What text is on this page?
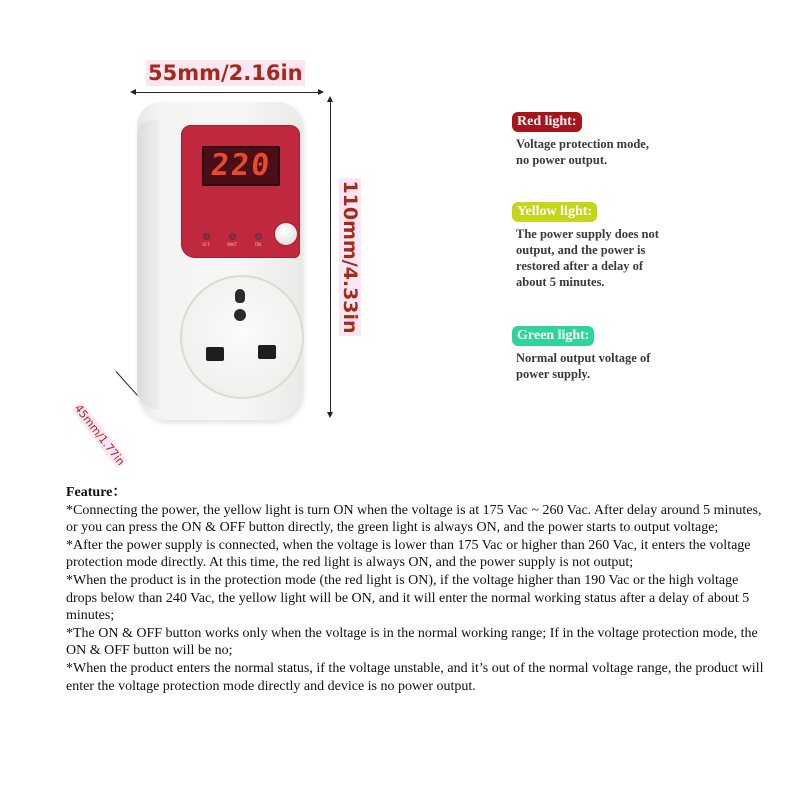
55mm/2.16in
110mm/4.33in
45mm/1.77in
220
OFF	WAIT	ON
Red light:
Voltage protection mode,
no power output.
Yellow light:
The power supply does not
output, and the power is
restored after a delay of
about 5 minutes.
Green light:
Normal output voltage of
power supply.

Feature：

*Connecting the power, the yellow light is turn ON when the voltage is at 175 Vac ~ 260 Vac. After delay around 5 minutes, or you can press the ON & OFF button directly, the green light is always ON, and the power starts to output voltage;

*After the power supply is connected, when the voltage is lower than 175 Vac or higher than 260 Vac, it enters the voltage protection mode directly. At this time, the red light is always ON, and the power supply is not output;

*When the product is in the protection mode (the red light is ON), if the voltage higher than 190 Vac or the high voltage drops below than 240 Vac, the yellow light will be ON, and it will enter the normal working status after a delay of about 5 minutes;

*The ON & OFF button works only when the voltage is in the normal working range; If in the voltage protection mode, the ON & OFF button will be no;

*When the product enters the normal status, if the voltage unstable, and it’s out of the normal voltage range, the product will enter the voltage protection mode directly and device is no power output.
